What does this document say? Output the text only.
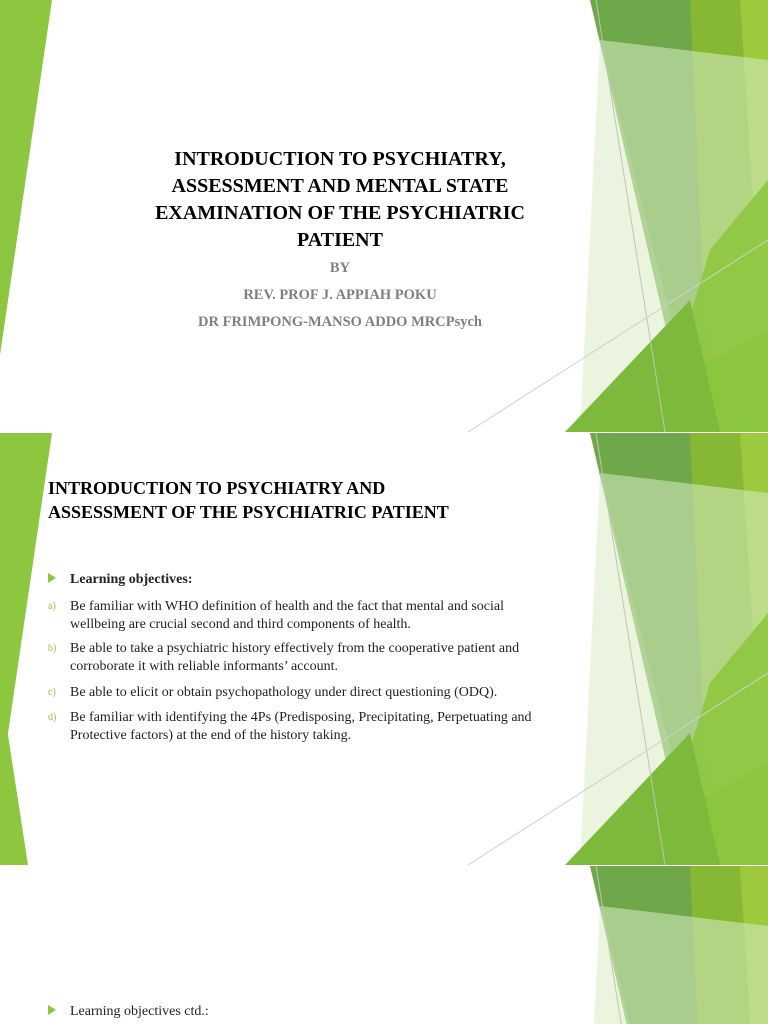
INTRODUCTION TO PSYCHIATRY, ASSESSMENT AND MENTAL STATE EXAMINATION OF THE PSYCHIATRIC PATIENT
BY
REV. PROF J. APPIAH POKU
DR FRIMPONG-MANSO ADDO MRCPsych
INTRODUCTION TO PSYCHIATRY AND ASSESSMENT OF THE PSYCHIATRIC PATIENT
Learning objectives:
a) Be familiar with WHO definition of health and the fact that mental and social wellbeing are crucial second and third components of health.
b) Be able to take a psychiatric history effectively from the cooperative patient and corroborate it with reliable informants’ account.
c) Be able to elicit or obtain psychopathology under direct questioning (ODQ).
d) Be familiar with identifying the 4Ps (Predisposing, Precipitating, Perpetuating and Protective factors) at the end of the history taking.
Learning objectives ctd.:
